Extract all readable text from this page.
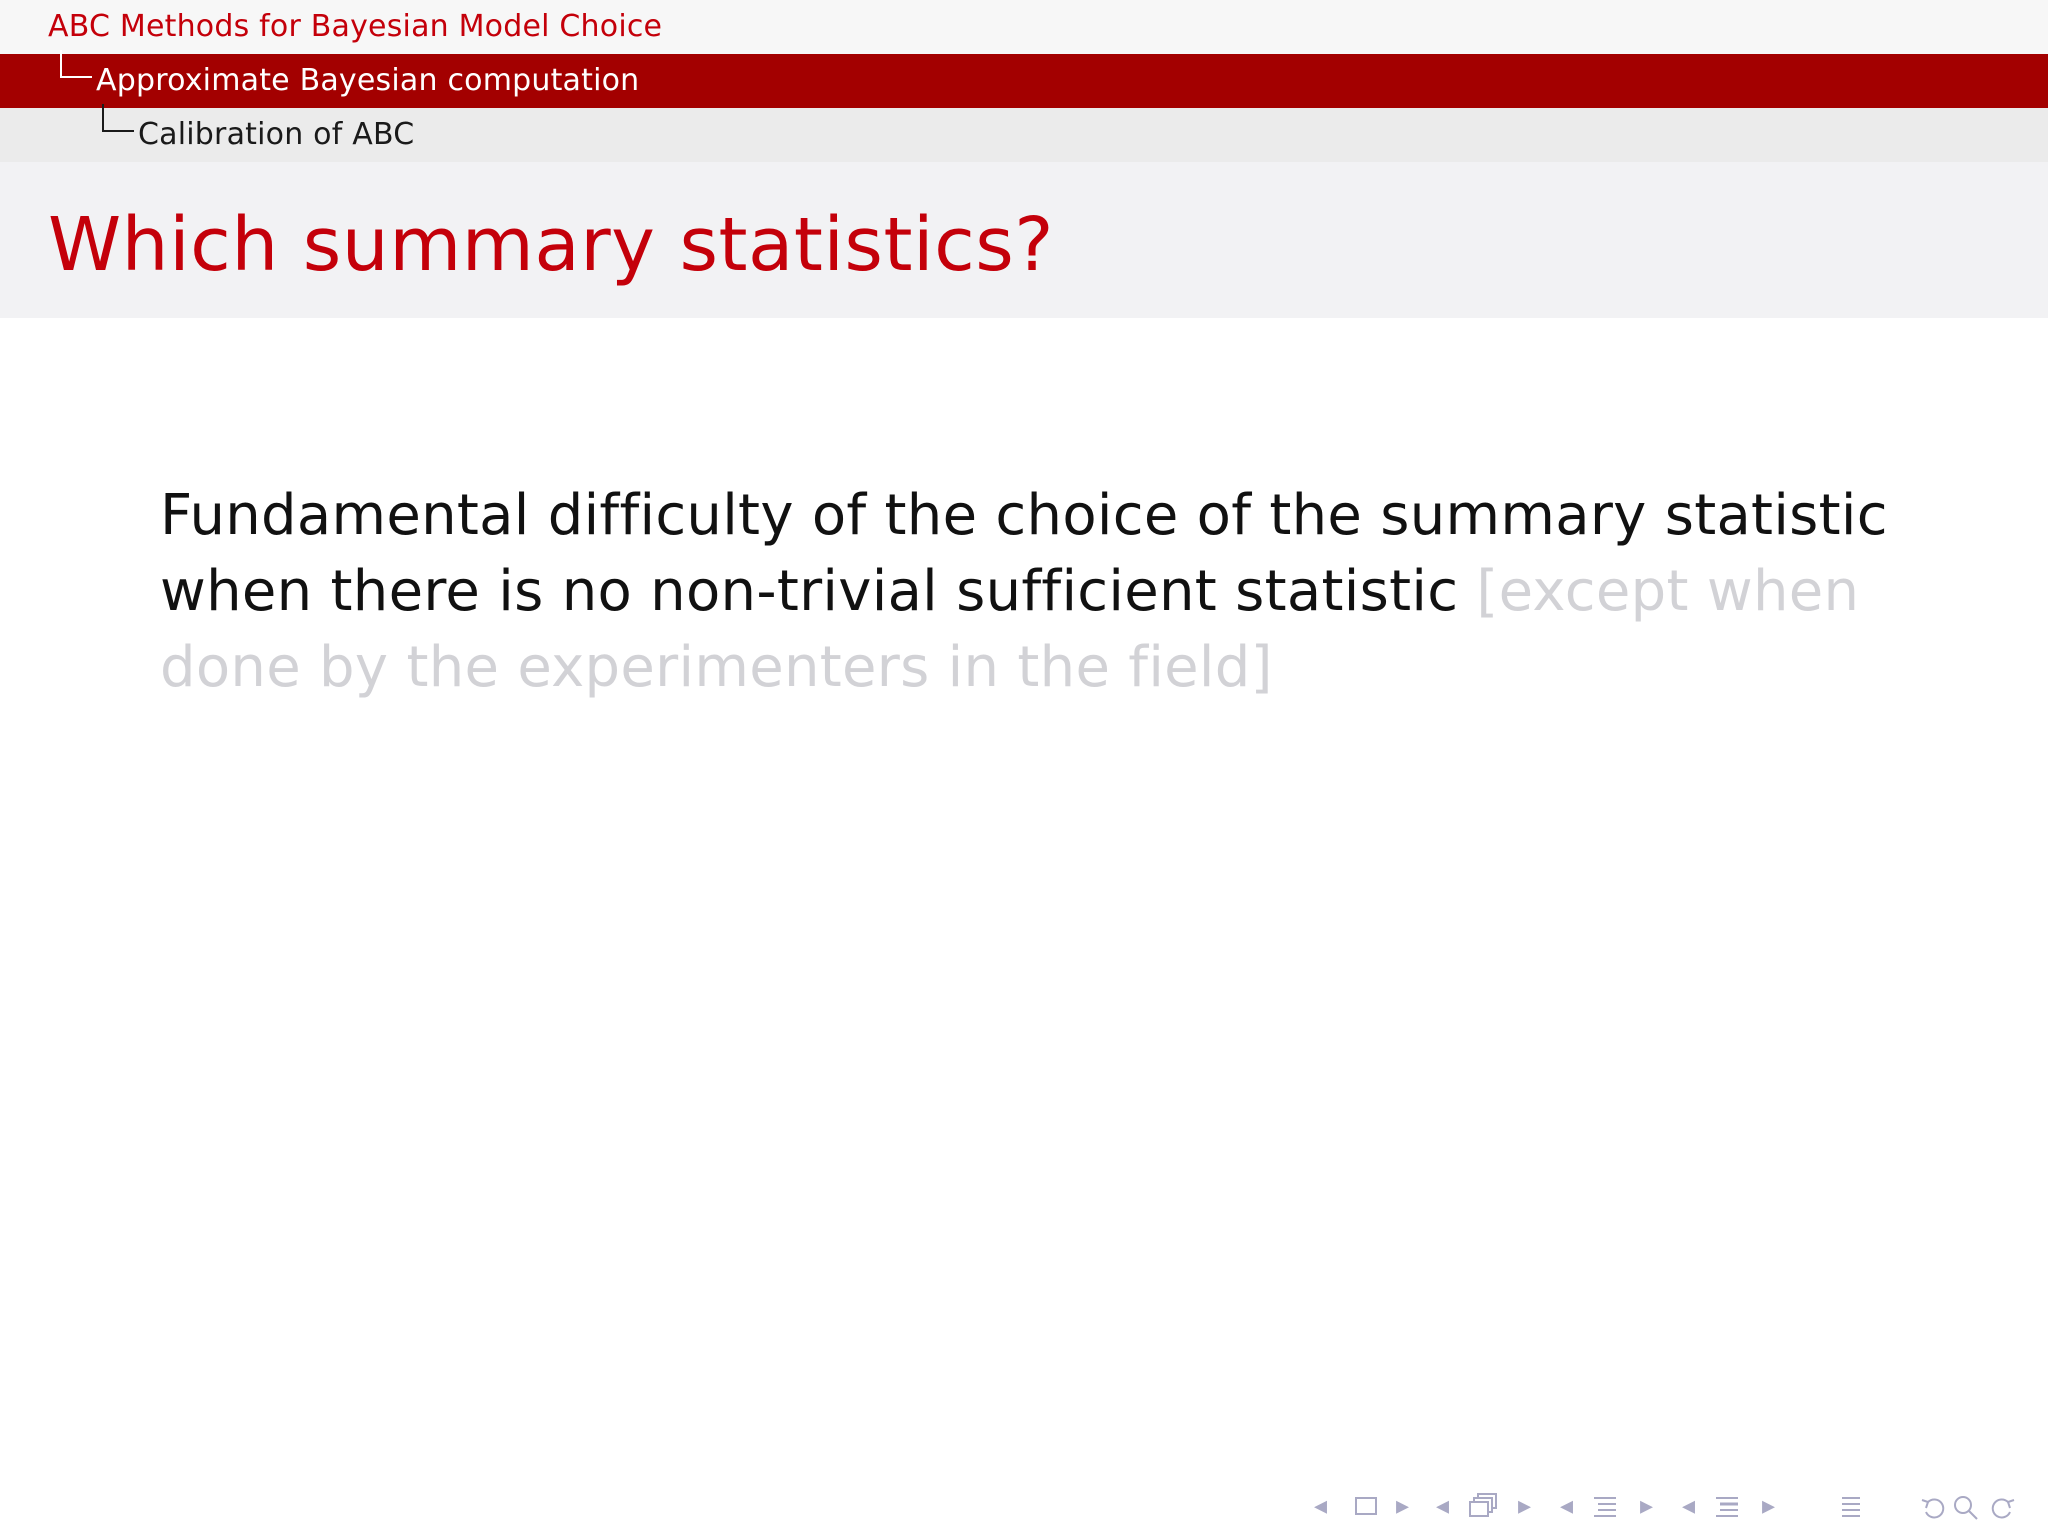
ABC Methods for Bayesian Model Choice
Approximate Bayesian computation
Calibration of ABC
Which summary statistics?
Fundamental difficulty of the choice of the summary statistic when there is no non-trivial sufficient statistic [except when done by the experimenters in the field]
◂	▸ ◂	▸ ◂	▸ ◂	▸
